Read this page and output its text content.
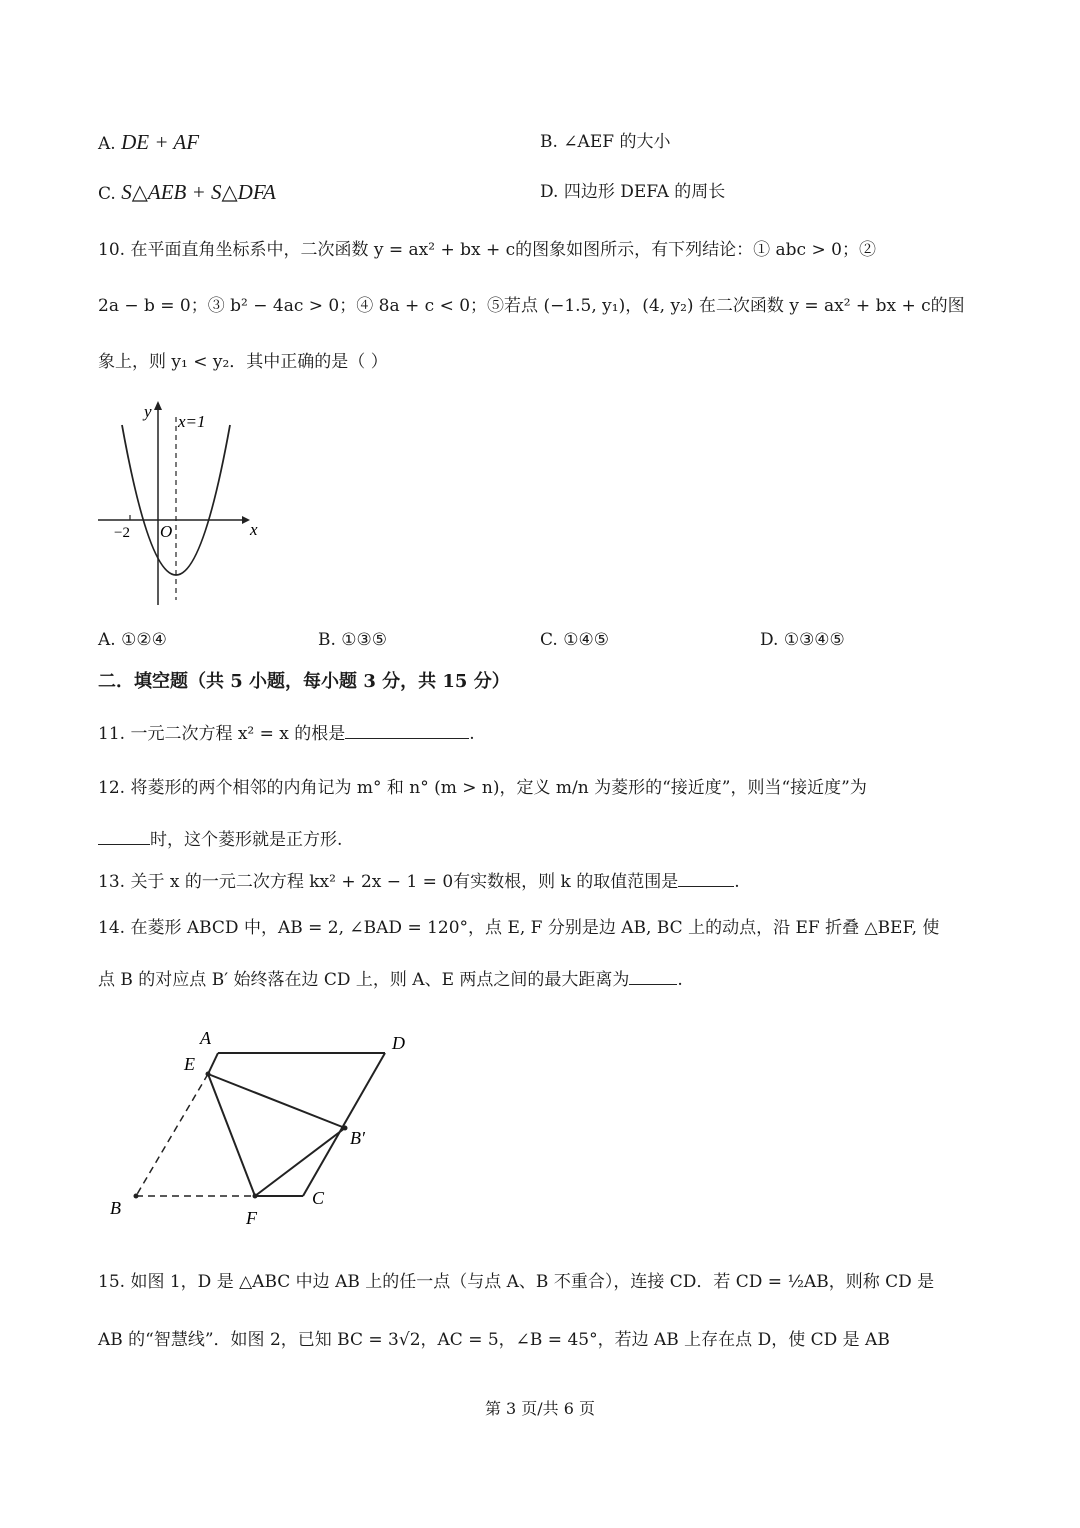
A. DE + AF	B. ∠AEF 的大小
C. S△AEB + S△DFA	D. 四边形 DEFA 的周长
10. 在平面直角坐标系中，二次函数 y = ax² + bx + c的图象如图所示，有下列结论：① abc > 0；②
2a − b = 0；③ b² − 4ac > 0；④ 8a + c < 0；⑤若点 (−1.5, y₁)，(4, y₂) 在二次函数 y = ax² + bx + c的图
象上，则 y₁ < y₂．其中正确的是（ ）
y
x
x=1
O
−2
A. ①②④	B. ①③⑤	C. ①④⑤	D. ①③④⑤
二．填空题（共 5 小题，每小题 3 分，共 15 分）
11. 一元二次方程 x² = x 的根是	.
12. 将菱形的两个相邻的内角记为 m° 和 n° (m > n)，定义 m/n 为菱形的“接近度”，则当“接近度”为
时，这个菱形就是正方形.
13. 关于 x 的一元二次方程 kx² + 2x − 1 = 0有实数根，则 k 的取值范围是	.
14. 在菱形 ABCD 中，AB = 2, ∠BAD = 120°，点 E, F 分别是边 AB, BC 上的动点，沿 EF 折叠 △BEF, 使
点 B 的对应点 B′ 始终落在边 CD 上，则 A、E 两点之间的最大距离为	.
A	D
E
B′
B	F
C
15. 如图 1，D 是 △ABC 中边 AB 上的任一点（与点 A、B 不重合），连接 CD．若 CD = ½AB，则称 CD 是
AB 的“智慧线”．如图 2，已知 BC = 3√2，AC = 5，∠B = 45°，若边 AB 上存在点 D，使 CD 是 AB
第 3 页/共 6 页
